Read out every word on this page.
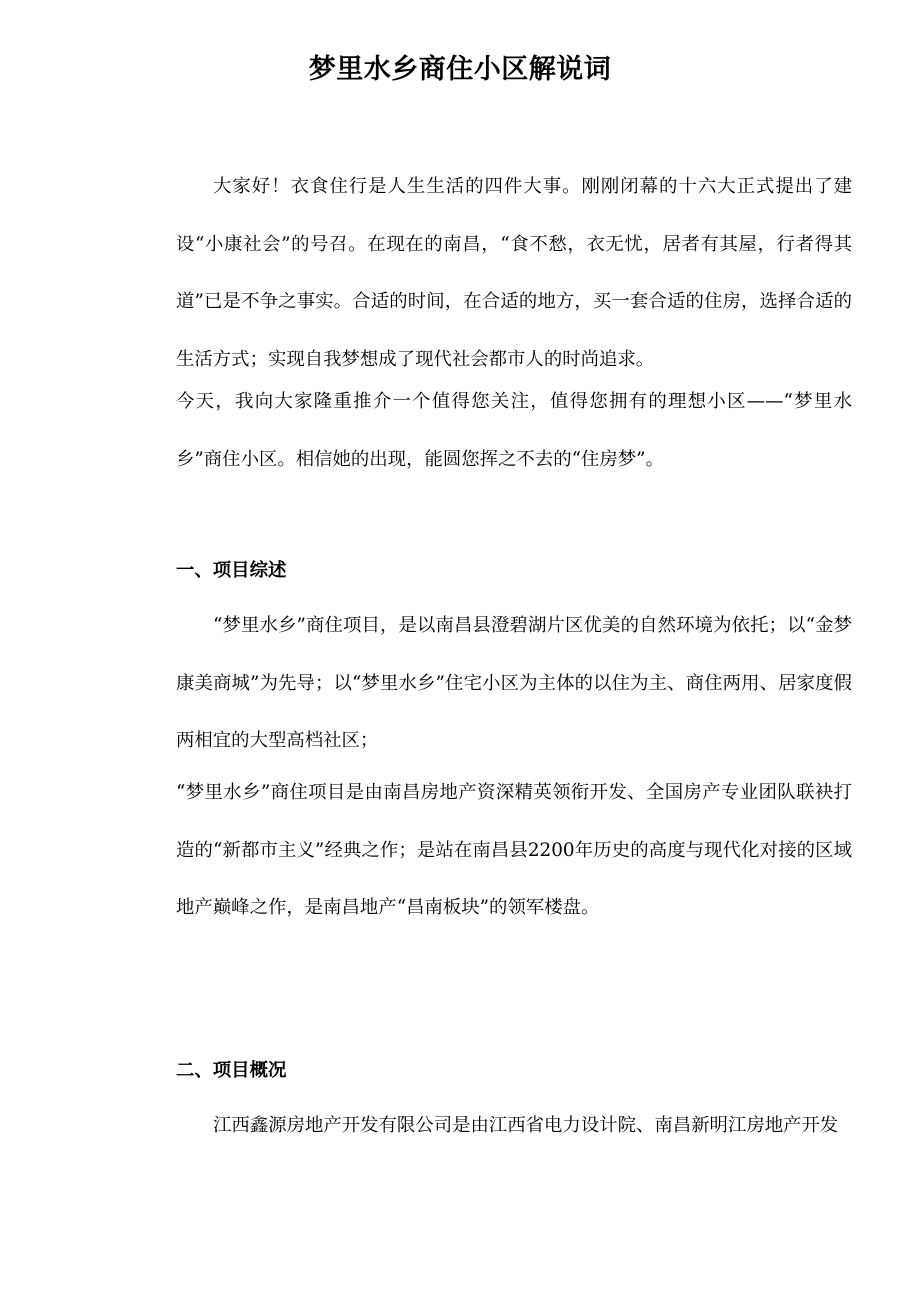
梦里水乡商住小区解说词

大家好！衣食住行是人生生活的四件大事。刚刚闭幕的十六大正式提出了建设“小康社会”的号召。在现在的南昌，“食不愁，衣无忧，居者有其屋，行者得其道”已是不争之事实。合适的时间，在合适的地方，买一套合适的住房，选择合适的生活方式；实现自我梦想成了现代社会都市人的时尚追求。

今天，我向大家隆重推介一个值得您关注，值得您拥有的理想小区——“梦里水乡”商住小区。相信她的出现，能圆您挥之不去的“住房梦”。

一、项目综述

“梦里水乡”商住项目，是以南昌县澄碧湖片区优美的自然环境为依托；以“金梦康美商城”为先导；以“梦里水乡”住宅小区为主体的以住为主、商住两用、居家度假两相宜的大型高档社区；

“梦里水乡”商住项目是由南昌房地产资深精英领衔开发、全国房产专业团队联袂打造的“新都市主义”经典之作；是站在南昌县2200年历史的高度与现代化对接的区域地产巅峰之作，是南昌地产“昌南板块”的领军楼盘。

二、项目概况

江西鑫源房地产开发有限公司是由江西省电力设计院、南昌新明江房地产开发
